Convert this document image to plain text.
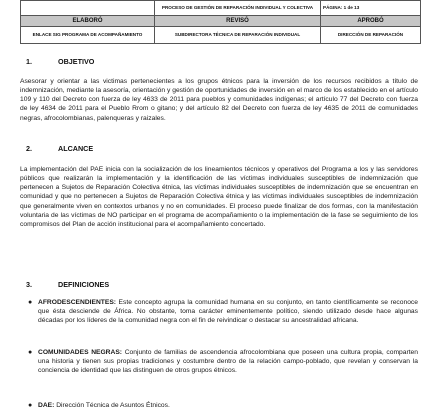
	PROCESO DE GESTIÓN DE REPARACIÓN INDIVIDUAL Y COLECTIVA	PÁGINA: 1 de 13
ELABORÓ	REVISÓ	APROBÓ
ENLACE SIG PROGRAMA DE ACOMPAÑAMIENTO	SUBDIRECTORA TÉCNICA DE REPARACIÓN INDIVIDUAL	DIRECCIÓN DE REPARACIÓN
1.	OBJETIVO
Asesorar y orientar a las victimas pertenecientes a los grupos étnicos para la inversión de los recursos recibidos a título de indemnización, mediante la asesoría, orientación y gestión de oportunidades de inversión en el marco de los establecido en el artículo 109 y 110 del Decreto con fuerza de ley 4633 de 2011 para pueblos y comunidades indígenas; el artículo 77 del Decreto con fuerza de ley 4634 de 2011 para el Pueblo Rrom o gitano; y del artículo 82 del Decreto con fuerza de ley 4635 de 2011 de comunidades negras, afrocolombianas, palenqueras y raizales.
2.	ALCANCE
La implementación del PAE inicia con la socialización de los lineamientos técnicos y operativos del Programa a los y las servidores públicos que realizarán la implementación y la identificación de las víctimas individuales susceptibles de indemnización que pertenecen a Sujetos de Reparación Colectiva étnica, las víctimas individuales susceptibles de indemnización que se encuentran en comunidad y que no pertenecen a Sujetos de Reparación Colectiva étnica y las víctimas individuales susceptibles de indemnización que generalmente viven en contextos urbanos y no en comunidades. El proceso puede finalizar de dos formas, con la manifestación voluntaria de las víctimas de NO participar en el programa de acompañamiento o la implementación de la fase se seguimiento de los compromisos del Plan de acción institucional para el acompañamiento concertado.
3.	DEFINICIONES
● AFRODESCENDIENTES: Este concepto agrupa la comunidad humana en su conjunto, en tanto científicamente se reconoce que ésta desciende de África. No obstante, toma carácter eminentemente político, siendo utilizado desde hace algunas décadas por los líderes de la comunidad negra con el fin de reivindicar o destacar su ancestralidad africana.
● COMUNIDADES NEGRAS: Conjunto de familias de ascendencia afrocolombiana que poseen una cultura propia, comparten una historia y tienen sus propias tradiciones y costumbre dentro de la relación campo-poblado, que revelan y conservan la conciencia de identidad que las distinguen de otros grupos étnicos.
● DAE: Dirección Técnica de Asuntos Étnicos.
